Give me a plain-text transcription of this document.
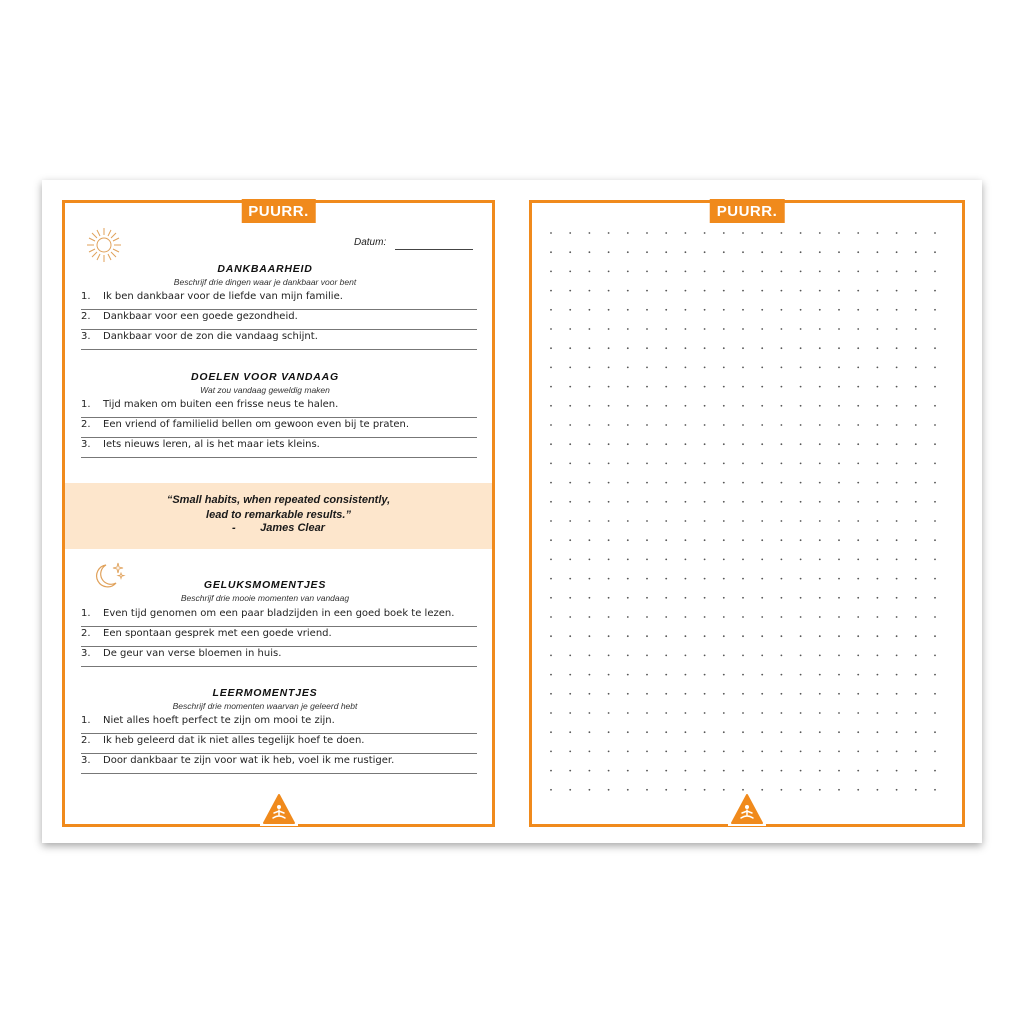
PUURR.
Datum:
DANKBAARHEID
Beschrijf drie dingen waar je dankbaar voor bent
1. Ik ben dankbaar voor de liefde van mijn familie.
2. Dankbaar voor een goede gezondheid.
3. Dankbaar voor de zon die vandaag schijnt.
DOELEN VOOR VANDAAG
Wat zou vandaag geweldig maken
1. Tijd maken om buiten een frisse neus te halen.
2. Een vriend of familielid bellen om gewoon even bij te praten.
3. Iets nieuws leren, al is het maar iets kleins.
“Small habits, when repeated consistently,
lead to remarkable results.”
-        James Clear
GELUKSMOMENTJES
Beschrijf drie mooie momenten van vandaag
1. Even tijd genomen om een paar bladzijden in een goed boek te lezen.
2. Een spontaan gesprek met een goede vriend.
3. De geur van verse bloemen in huis.
LEERMOMENTJES
Beschrijf drie momenten waarvan je geleerd hebt
1. Niet alles hoeft perfect te zijn om mooi te zijn.
2. Ik heb geleerd dat ik niet alles tegelijk hoef te doen.
3. Door dankbaar te zijn voor wat ik heb, voel ik me rustiger.
PUURR.
